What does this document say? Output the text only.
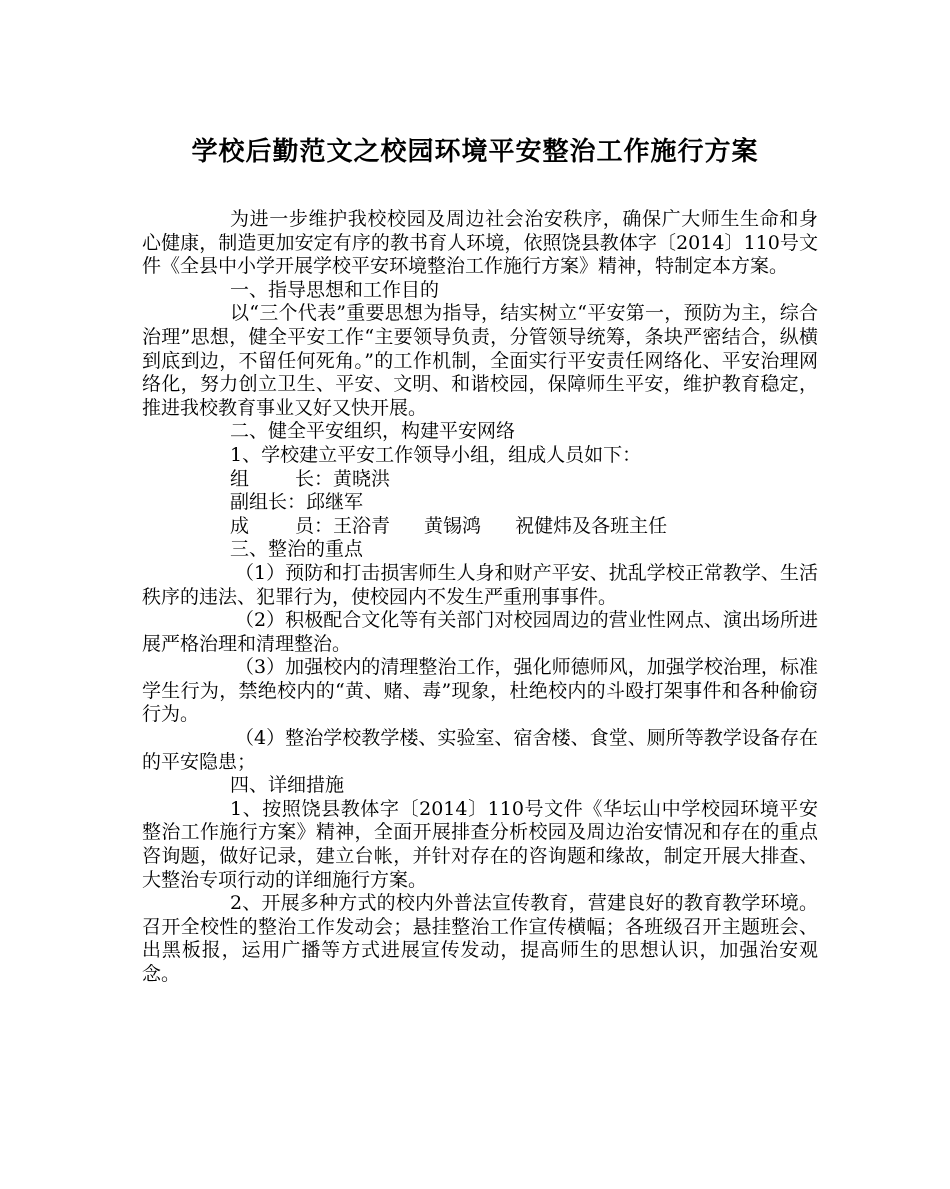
学校后勤范文之校园环境平安整治工作施行方案

为进一步维护我校校园及周边社会治安秩序，确保广大师生生命和身心健康，制造更加安定有序的教书育人环境，依照饶县教体字〔2014〕110号文件《全县中小学开展学校平安环境整治工作施行方案》精神，特制定本方案。

一、指导思想和工作目的

以“三个代表”重要思想为指导，结实树立“平安第一，预防为主，综合治理”思想，健全平安工作“主要领导负责，分管领导统筹，条块严密结合，纵横到底到边，不留任何死角。”的工作机制，全面实行平安责任网络化、平安治理网络化，努力创立卫生、平安、文明、和谐校园，保障师生平安，维护教育稳定，推进我校教育事业又好又快开展。

二、健全平安组织，构建平安网络

1、学校建立平安工作领导小组，组成人员如下：

组 长：黄晓洪

副组长：邱继军

成 员：王浴青 黄锡鸿 祝健炜及各班主任

三、整治的重点

（1）预防和打击损害师生人身和财产平安、扰乱学校正常教学、生活秩序的违法、犯罪行为，使校园内不发生严重刑事事件。

（2）积极配合文化等有关部门对校园周边的营业性网点、演出场所进展严格治理和清理整治。

（3）加强校内的清理整治工作，强化师德师风，加强学校治理，标准学生行为，禁绝校内的“黄、赌、毒”现象，杜绝校内的斗殴打架事件和各种偷窃行为。

（4）整治学校教学楼、实验室、宿舍楼、食堂、厕所等教学设备存在的平安隐患；

四、详细措施

1、按照饶县教体字〔2014〕110号文件《华坛山中学校园环境平安整治工作施行方案》精神，全面开展排查分析校园及周边治安情况和存在的重点咨询题，做好记录，建立台帐，并针对存在的咨询题和缘故，制定开展大排查、大整治专项行动的详细施行方案。

2、开展多种方式的校内外普法宣传教育，营建良好的教育教学环境。召开全校性的整治工作发动会；悬挂整治工作宣传横幅；各班级召开主题班会、出黑板报，运用广播等方式进展宣传发动，提高师生的思想认识，加强治安观念。
